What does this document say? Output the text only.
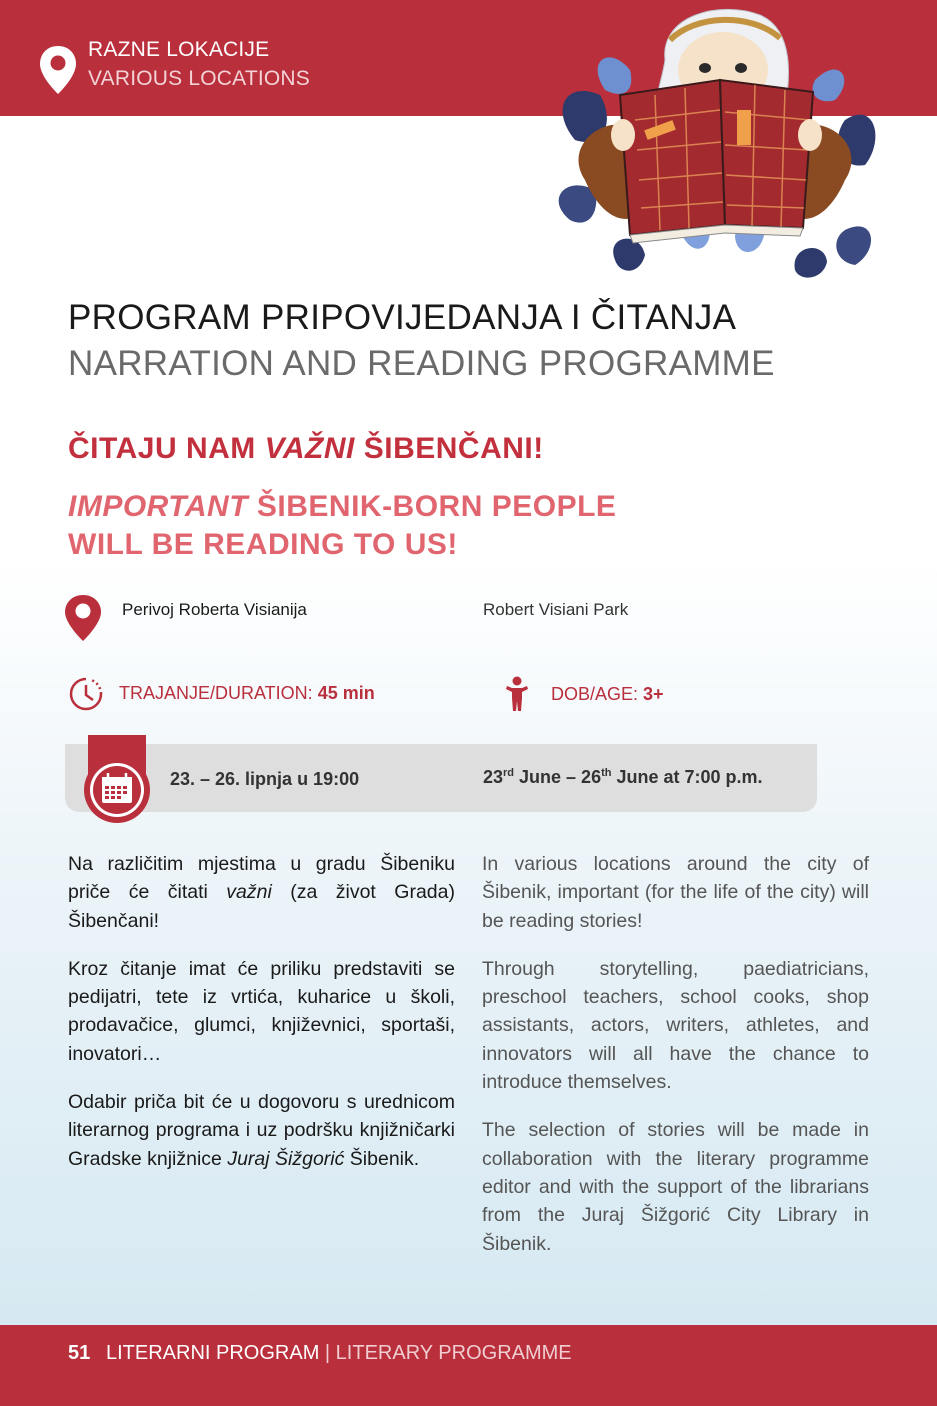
RAZNE LOKACIJE
VARIOUS LOCATIONS
PROGRAM PRIPOVIJEDANJA I ČITANJA
NARRATION AND READING PROGRAMME
ČITAJU NAM VAŽNI ŠIBENČANI!
IMPORTANT ŠIBENIK-BORN PEOPLE
WILL BE READING TO US!
Perivoj Roberta Visianija	Robert Visiani Park
TRAJANJE/DURATION: 45 min	DOB/AGE: 3+
23. – 26. lipnja u 19:00	23rd June – 26th June at 7:00 p.m.

Na različitim mjestima u gradu Šibeniku priče će čitati važni (za život Grada) Šibenčani!

Kroz čitanje imat će priliku predstaviti se pedijatri, tete iz vrtića, kuharice u školi, prodavačice, glumci, književnici, sportaši, inovatori…

Odabir priča bit će u dogovoru s urednicom literarnog programa i uz podršku knjižničarki Gradske knjižnice Juraj Šižgorić Šibenik.

In various locations around the city of Šibenik, important (for the life of the city) will be reading stories!

Through storytelling, paediatricians, preschool teachers, school cooks, shop assistants, actors, writers, athletes, and innovators will all have the chance to introduce themselves.

The selection of stories will be made in collaboration with the literary programme editor and with the support of the librarians from the Juraj Šižgorić City Library in Šibenik.

51 LITERARNI PROGRAM | LITERARY PROGRAMME
